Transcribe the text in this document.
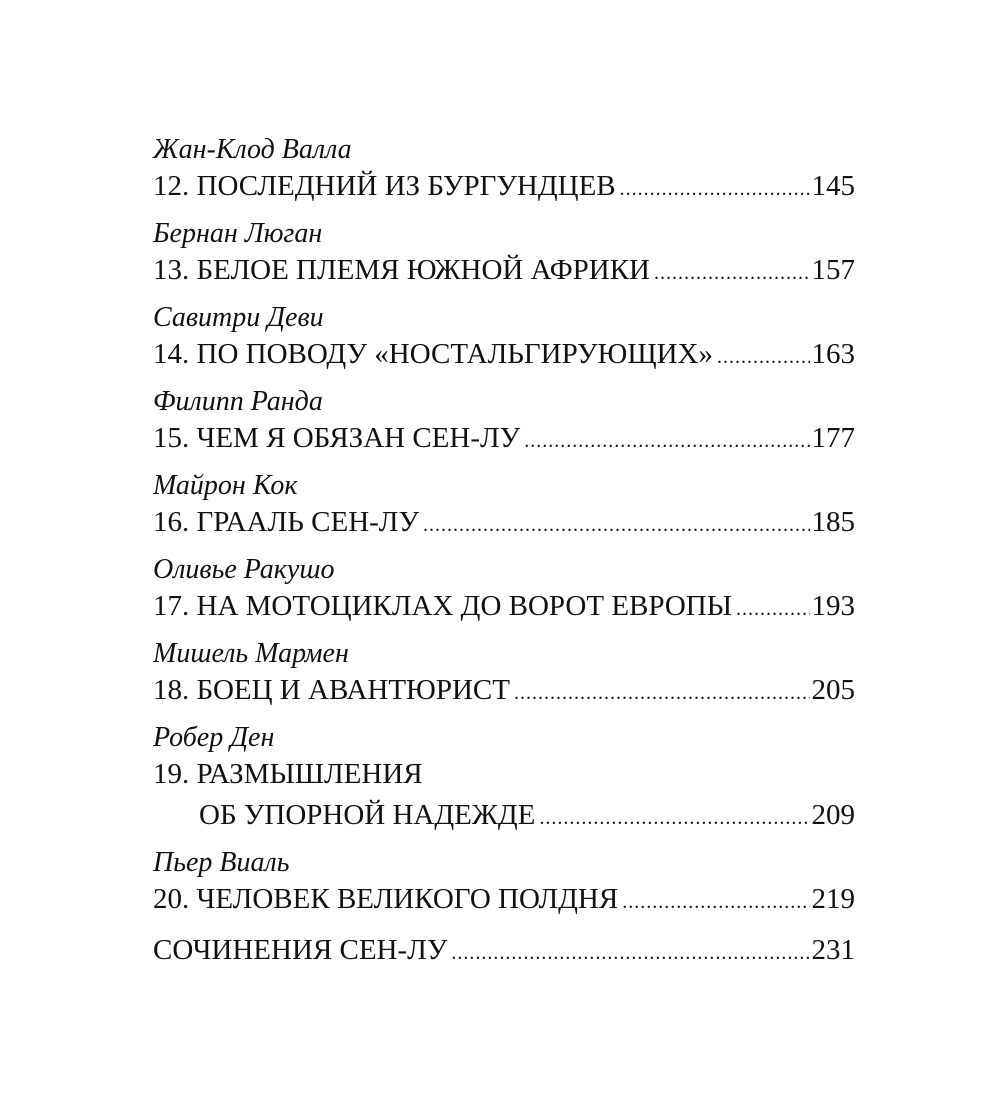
Жан-Клод Валла
12. ПОСЛЕДНИЙ ИЗ БУРГУНДЦЕВ .....	145
Бернан Люган
13. БЕЛОЕ ПЛЕМЯ ЮЖНОЙ АФРИКИ .....	157
Савитри Деви
14. ПО ПОВОДУ «НОСТАЛЬГИРУЮЩИХ» .....	163
Филипп Ранда
15. ЧЕМ Я ОБЯЗАН СЕН-ЛУ .....	177
Майрон Кок
16. ГРААЛЬ СЕН-ЛУ .....	185
Оливье Ракушо
17. НА МОТОЦИКЛАХ ДО ВОРОТ ЕВРОПЫ .....	193
Мишель Мармен
18. БОЕЦ И АВАНТЮРИСТ .....	205
Робер Ден
19. РАЗМЫШЛЕНИЯ
ОБ УПОРНОЙ НАДЕЖДЕ .....	209
Пьер Виаль
20. ЧЕЛОВЕК ВЕЛИКОГО ПОЛДНЯ .....	219
СОЧИНЕНИЯ СЕН-ЛУ .....	231
